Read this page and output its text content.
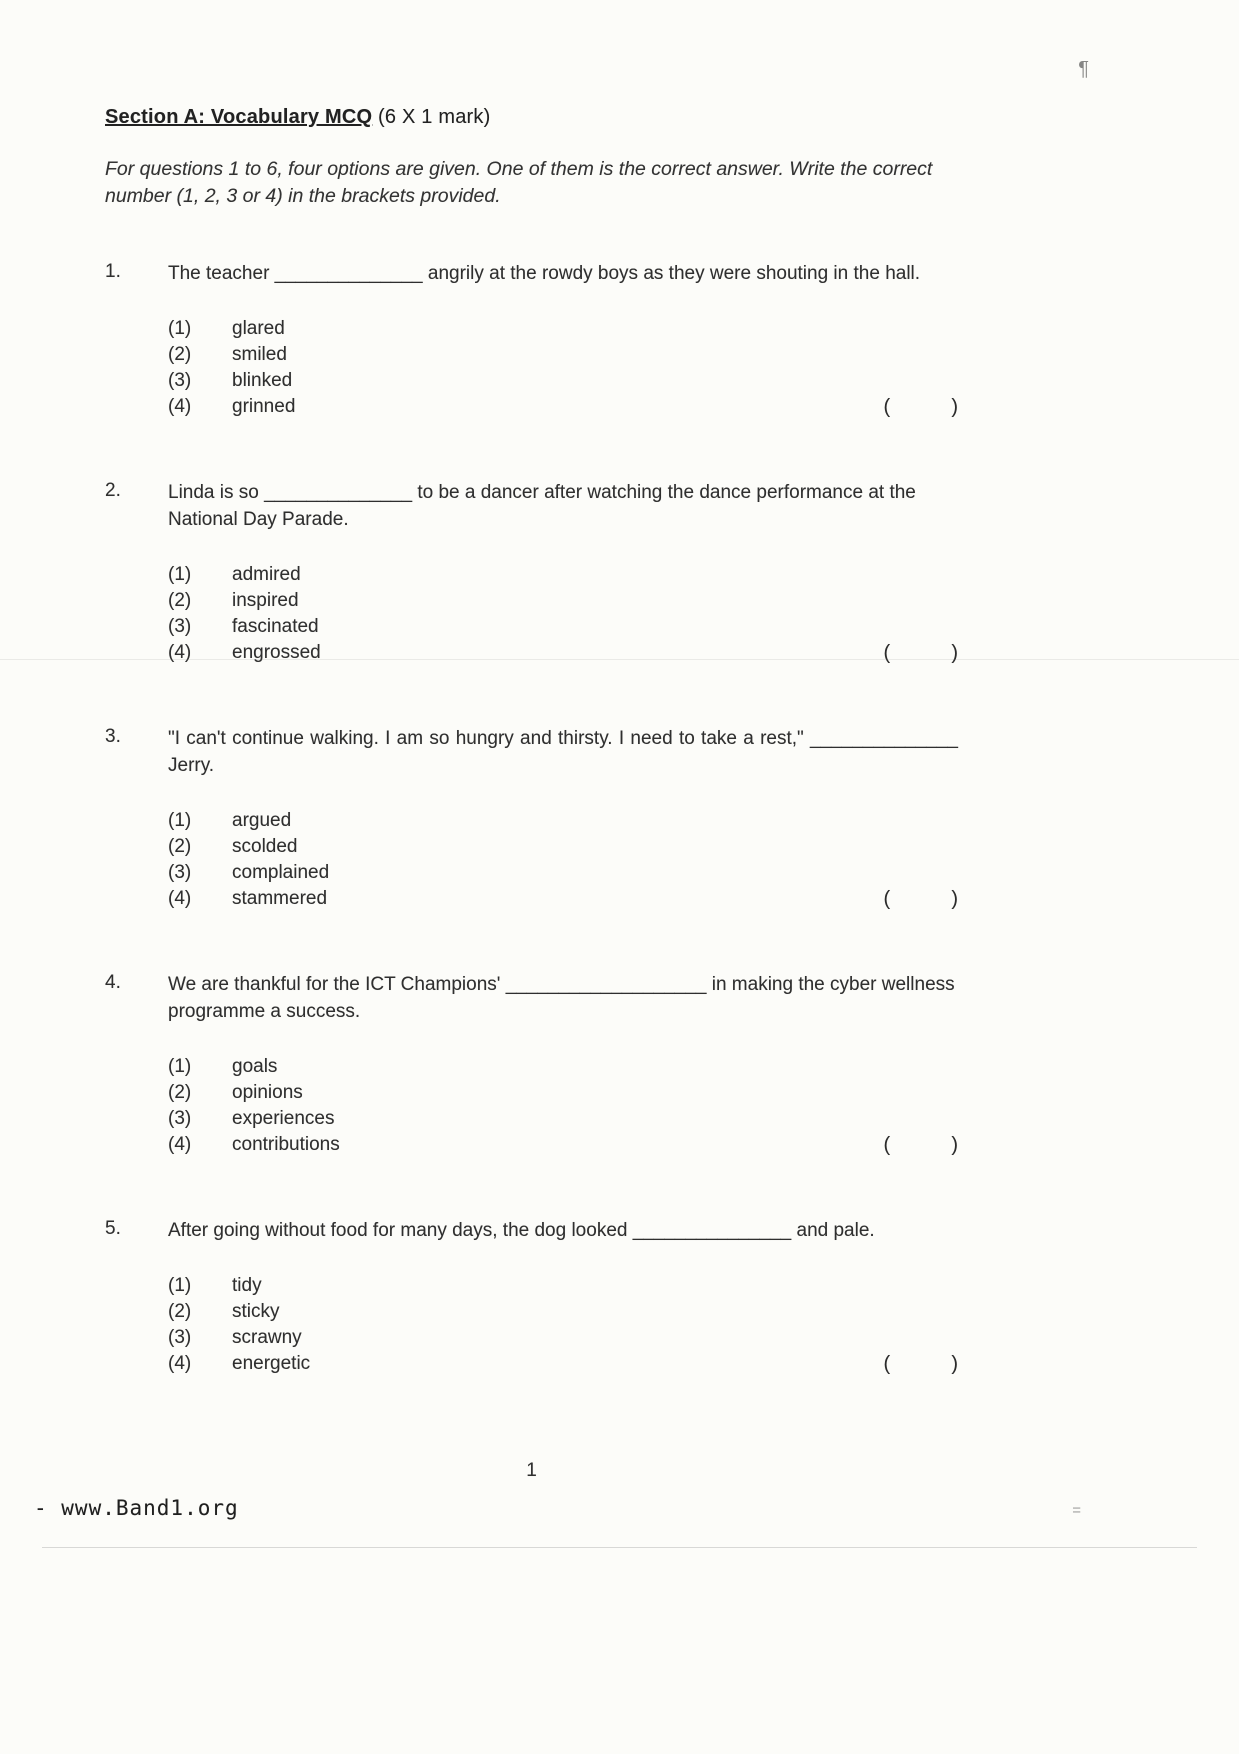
¶
Section A: Vocabulary MCQ (6 X 1 mark)

For questions 1 to 6, four options are given. One of them is the correct answer. Write the correct number (1, 2, 3 or 4) in the brackets provided.

1.	The teacher ______________ angrily at the rowdy boys as they were shouting in the hall.
(           )
(1) glared
(2) smiled
(3) blinked
(4) grinned
2.	Linda is so ______________ to be a dancer after watching the dance performance at the National Day Parade.
(           )
(1) admired
(2) inspired
(3) fascinated
(4) engrossed
3.	"I can't continue walking. I am so hungry and thirsty. I need to take a rest," ______________ Jerry.
(           )
(1) argued
(2) scolded
(3) complained
(4) stammered
4.	We are thankful for the ICT Champions' ___________________ in making the cyber wellness programme a success.
(           )
(1) goals
(2) opinions
(3) experiences
(4) contributions
5.	After going without food for many days, the dog looked _______________ and pale.
(           )
(1) tidy
(2) sticky
(3) scrawny
(4) energetic
1
- www.Band1.org	=
